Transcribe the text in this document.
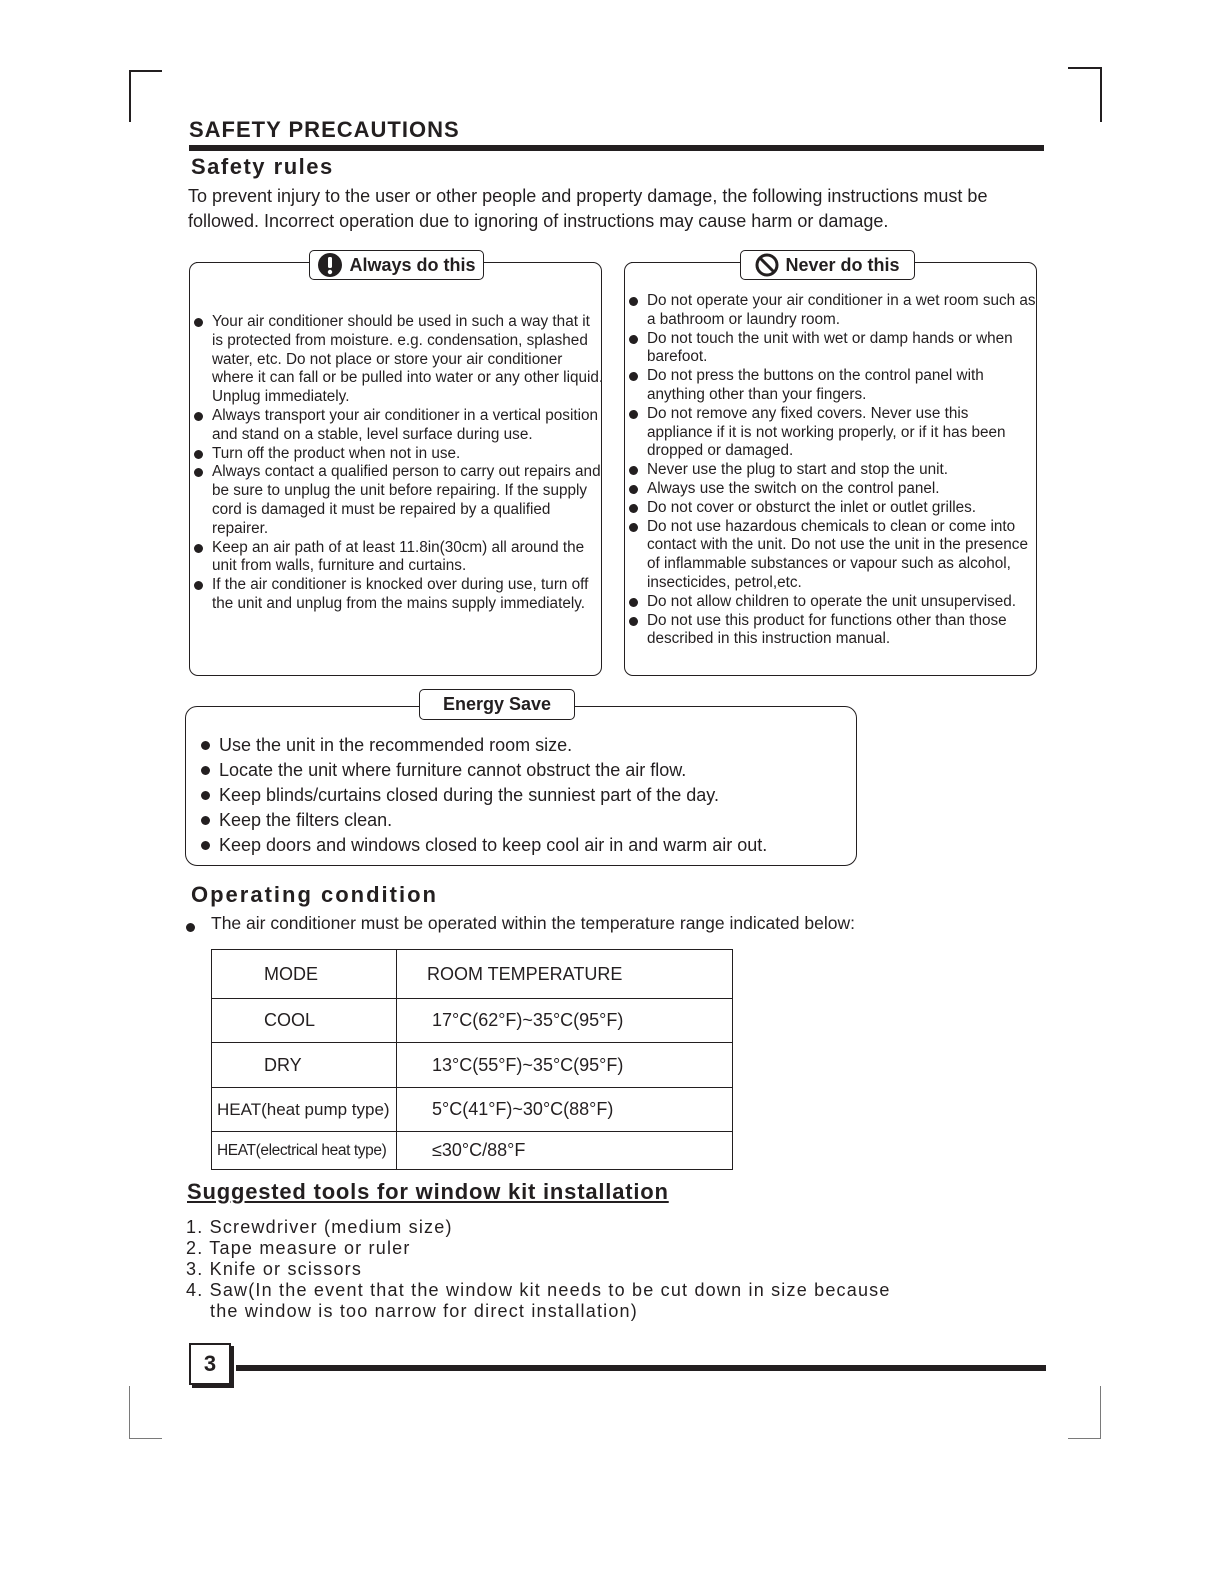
SAFETY PRECAUTIONS
Safety rules

To prevent injury to the user or other people and property damage, the following instructions must be followed. Incorrect operation due to ignoring of instructions may cause harm or damage.

Always do this
Your air conditioner should be used in such a way that it is protected from moisture. e.g. condensation, splashed water, etc. Do not place or store your air conditioner where it can fall or be pulled into water or any other liquid. Unplug immediately.
Always transport your air conditioner in a vertical position and stand on a stable, level surface during use.
Turn off the product when not in use.
Always contact a qualified person to carry out repairs and be sure to unplug the unit before repairing. If the supply cord is damaged it must be repaired by a qualified repairer.
Keep an air path of at least 11.8in(30cm) all around the unit from walls, furniture and curtains.
If the air conditioner is knocked over during use, turn off the unit and unplug from the mains supply immediately.
Never do this
Do not operate your air conditioner in a wet room such as a bathroom or laundry room.
Do not touch the unit with wet or damp hands or when barefoot.
Do not press the buttons on the control panel with anything other than your fingers.
Do not remove any fixed covers. Never use this appliance if it is not working properly, or if it has been dropped or damaged.
Never use the plug to start and stop the unit.
Always use the switch on the control panel.
Do not cover or obsturct the inlet or outlet grilles.
Do not use hazardous chemicals to clean or come into contact with the unit. Do not use the unit in the presence of inflammable substances or vapour such as alcohol, insecticides, petrol,etc.
Do not allow children to operate the unit unsupervised.
Do not use this product for functions other than those described in this instruction manual.
Energy Save
Use the unit in the recommended room size.
Locate the unit where furniture cannot obstruct the air flow.
Keep blinds/curtains closed during the sunniest part of the day.
Keep the filters clean.
Keep doors and windows closed to keep cool air in and warm air out.
Operating condition

The air conditioner must be operated within the temperature range indicated below:

MODE	ROOM TEMPERATURE
COOL	17°C(62°F)~35°C(95°F)
DRY	13°C(55°F)~35°C(95°F)
HEAT(heat pump type)	5°C(41°F)~30°C(88°F)
HEAT(electrical heat type)	≤30°C/88°F
Suggested tools for window kit installation
1. Screwdriver (medium size)
2. Tape measure or ruler
3. Knife or scissors
4. Saw(In the event that the window kit needs to be cut down in size because
the window is too narrow for direct installation)
3
